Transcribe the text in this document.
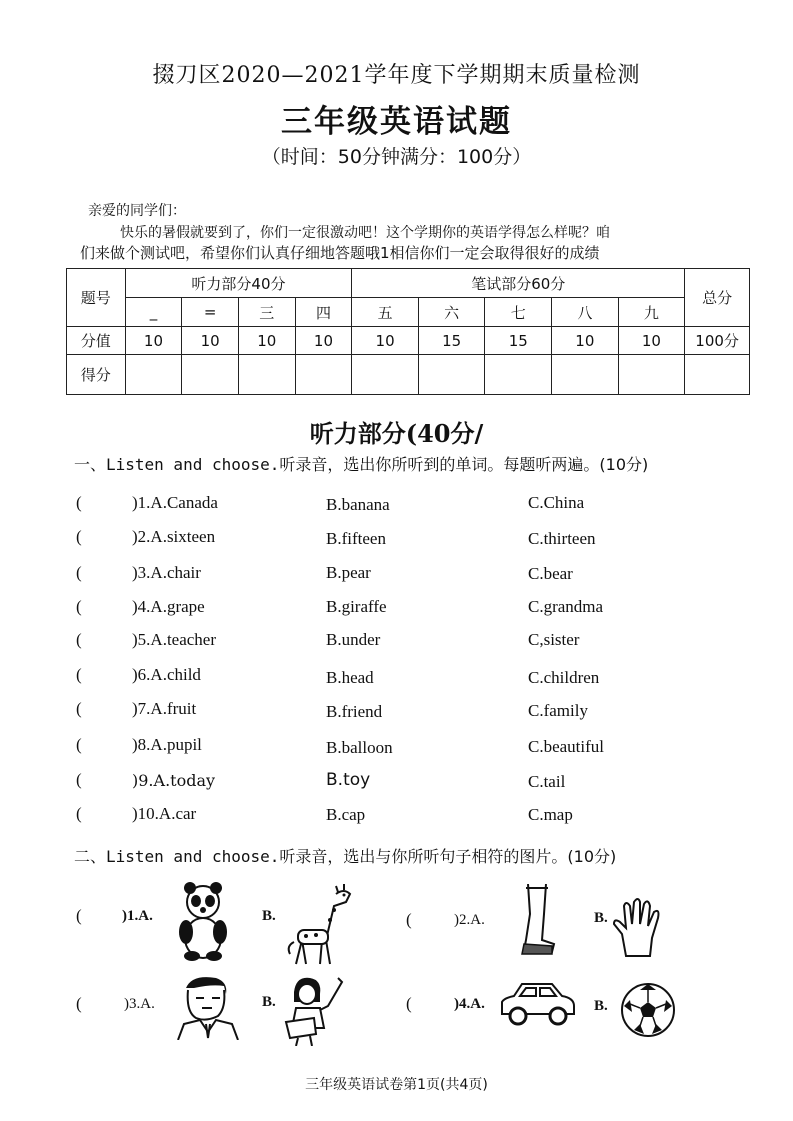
掇刀区2020—2021学年度下学期期末质量检测
三年级英语试题
（时间：50分钟满分：100分）
亲爱的同学们：
快乐的暑假就要到了，你们一定很激动吧！这个学期你的英语学得怎么样呢？咱
们来做个测试吧，希望你们认真仔细地答题哦1相信你们一定会取得很好的成绩
题号	听力部分40分				笔试部分60分					总分
	_	=	三	四	五	六	七	八	九	
分值	10	10	10	10	10	15	15	10	10	100分
得分										
听力部分(40分/
一、Listen and choose.听录音，选出你所听到的单词。每题听两遍。(10分)
(	)1.A.Canada	B.banana	C.China
(	)2.A.sixteen	B.fifteen	C.thirteen
(	)3.A.chair	B.pear	C.bear
(	)4.A.grape	B.giraffe	C.grandma
(	)5.A.teacher	B.under	C,sister
(	)6.A.child	B.head	C.children
(	)7.A.fruit	B.friend	C.family
(	)8.A.pupil	B.balloon	C.beautiful
(	)9.A.today	B.toy	C.tail
(	)10.A.car	B.cap	C.map
二、Listen and choose.听录音，选出与你所听句子相符的图片。(10分)
(	)1.A.	B.	(	)2.A.	B.
(	)3.A.	B.	(	)4.A.	B.
三年级英语试卷第1页(共4页)
